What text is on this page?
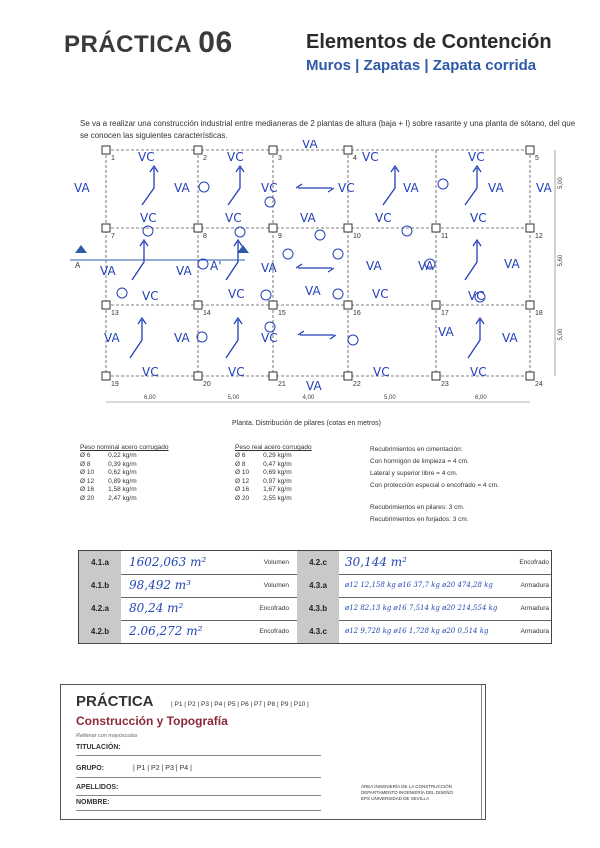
PRÁCTICA 06	Elementos de Contención
Muros | Zapatas | Zapata corrida
Se va a realizar una construcción industrial entre medianeras de 2 plantas de altura (baja + I) sobre rasante y una planta de sótano, del que se conocen las siguientes características.
1	2	3	4	5
7	8	9	10	11	12
13	14	15	16	17	18
19	20	21	22	23	24
6,00	5,00	4,00	5,00	6,00
5,00
5,60
5,00
A
VC	VC
VA
VC	VC
VA	VA	VC	VC	VA	VA	VA
VC	VC	VA	VC	VC
VA	VA A'	VA	VA	VA	VA
VC	VC	VA	VC	VC
VA	VA	VC	VA	VA
VC	VC
VA
VC	VC
Planta. Distribución de pilares (cotas en metros)
Peso nominal acero corrugado
Ø 6	0,22 kg/m
Ø 8	0,39 kg/m
Ø 10	0,62 kg/m
Ø 12	0,89 kg/m
Ø 16	1,58 kg/m
Ø 20	2,47 kg/m
Peso real acero corrugado
Ø 6	0,29 kg/m
Ø 8	0,47 kg/m
Ø 10	0,69 kg/m
Ø 12	0,97 kg/m
Ø 16	1,67 kg/m
Ø 20	2,55 kg/m
Recubrimientos en cimentación:
Con hormigón de limpieza = 4 cm.
Lateral y superior libre = 4 cm.
Con protección especial o encofrado = 4 cm.
Recubrimientos en pilares: 3 cm.
Recubrimientos en forjados: 3 cm.
4.1.a	1602,063 m²	Volumen	4.2.c	30,144 m²	Encofrado
4.1.b	98,492 m³	Volumen	4.3.a	ø12 12,158 kg ø16 37,7 kg ø20 474,28 kg	Armadura
4.2.a	80,24 m²	Encofrado	4.3.b	ø12 82,13 kg ø16 7,514 kg ø20 214,554 kg	Armadura
4.2.b	2.06,272 m²	Encofrado	4.3.c	ø12 9,728 kg ø16 1,728 kg ø20 0,514 kg	Armadura
PRÁCTICA	| P1 | P2 | P3 | P4 | P5 | P6 | P7 | P8 | P9 | P10 |
Construcción y Topografía
Rellenar con mayúsculas
TITULACIÓN:
GRUPO:	| P1 | P2 | P3 | P4 |
APELLIDOS:
NOMBRE:
ÁREA INGENIERÍA DE LA CONSTRUCCIÓN
DEPARTAMENTO INGENIERÍA DEL DISEÑO
EPS UNIVERSIDAD DE SEVILLA
